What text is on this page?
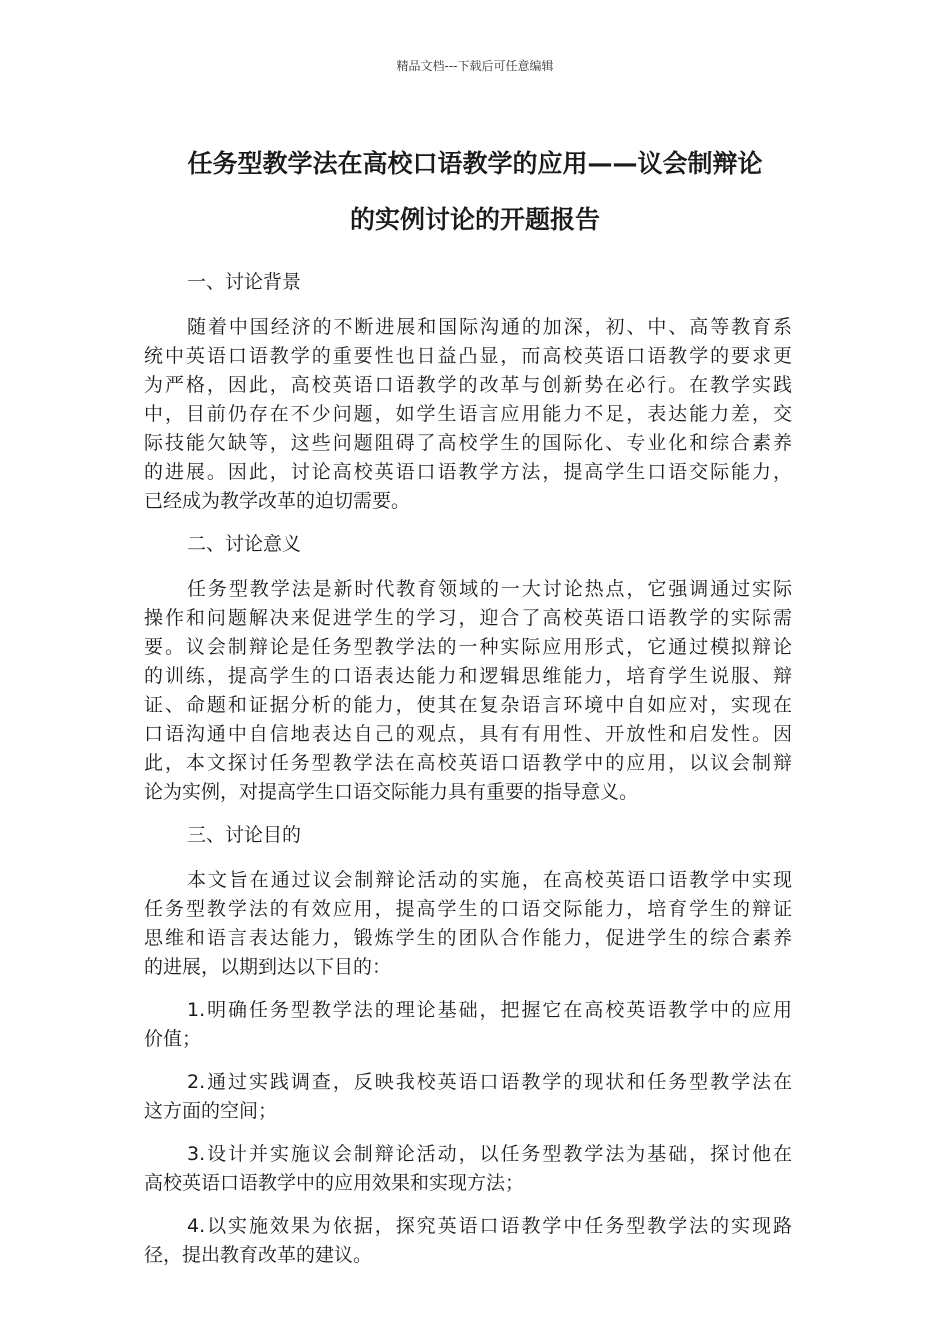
精品文档---下载后可任意编辑
任务型教学法在高校口语教学的应用——议会制辩论
的实例讨论的开题报告
一、讨论背景

随着中国经济的不断进展和国际沟通的加深，初、中、高等教育系
统中英语口语教学的重要性也日益凸显，而高校英语口语教学的要求更
为严格，因此，高校英语口语教学的改革与创新势在必行。在教学实践
中，目前仍存在不少问题，如学生语言应用能力不足，表达能力差，交
际技能欠缺等，这些问题阻碍了高校学生的国际化、专业化和综合素养
的进展。因此，讨论高校英语口语教学方法，提高学生口语交际能力，
已经成为教学改革的迫切需要。

二、讨论意义

任务型教学法是新时代教育领域的一大讨论热点，它强调通过实际
操作和问题解决来促进学生的学习，迎合了高校英语口语教学的实际需
要。议会制辩论是任务型教学法的一种实际应用形式，它通过模拟辩论
的训练，提高学生的口语表达能力和逻辑思维能力，培育学生说服、辩
证、命题和证据分析的能力，使其在复杂语言环境中自如应对，实现在
口语沟通中自信地表达自己的观点，具有有用性、开放性和启发性。因
此，本文探讨任务型教学法在高校英语口语教学中的应用，以议会制辩
论为实例，对提高学生口语交际能力具有重要的指导意义。

三、讨论目的

本文旨在通过议会制辩论活动的实施，在高校英语口语教学中实现
任务型教学法的有效应用，提高学生的口语交际能力，培育学生的辩证
思维和语言表达能力，锻炼学生的团队合作能力，促进学生的综合素养
的进展，以期到达以下目的：

1.明确任务型教学法的理论基础，把握它在高校英语教学中的应用
价值；

2.通过实践调查，反映我校英语口语教学的现状和任务型教学法在
这方面的空间；

3.设计并实施议会制辩论活动，以任务型教学法为基础，探讨他在
高校英语口语教学中的应用效果和实现方法；

4.以实施效果为依据，探究英语口语教学中任务型教学法的实现路
径，提出教育改革的建议。
